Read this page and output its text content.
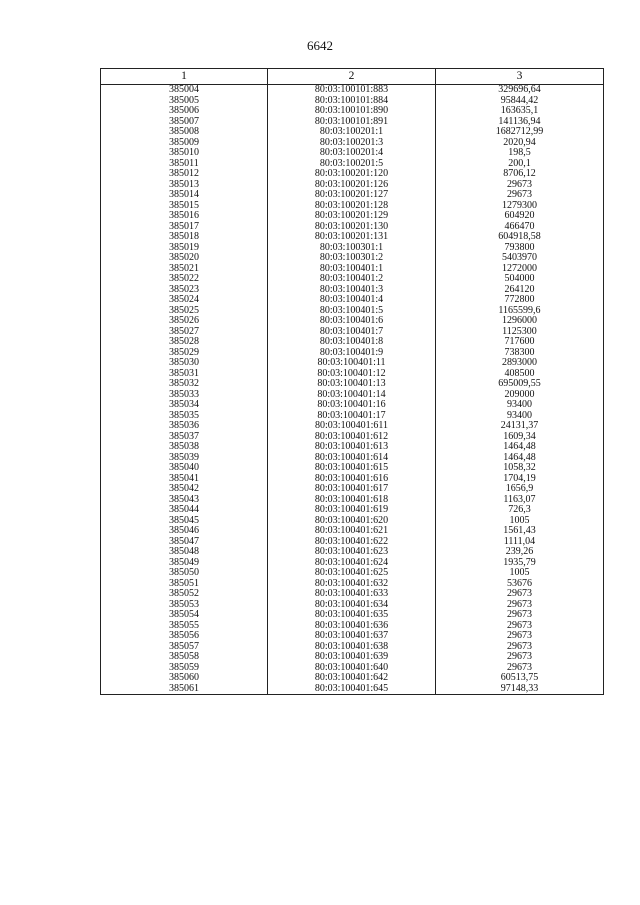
6642
1	2	3
385004	80:03:100101:883	329696,64
385005	80:03:100101:884	95844,42
385006	80:03:100101:890	163635,1
385007	80:03:100101:891	141136,94
385008	80:03:100201:1	1682712,99
385009	80:03:100201:3	2020,94
385010	80:03:100201:4	198,5
385011	80:03:100201:5	200,1
385012	80:03:100201:120	8706,12
385013	80:03:100201:126	29673
385014	80:03:100201:127	29673
385015	80:03:100201:128	1279300
385016	80:03:100201:129	604920
385017	80:03:100201:130	466470
385018	80:03:100201:131	604918,58
385019	80:03:100301:1	793800
385020	80:03:100301:2	5403970
385021	80:03:100401:1	1272000
385022	80:03:100401:2	504000
385023	80:03:100401:3	264120
385024	80:03:100401:4	772800
385025	80:03:100401:5	1165599,6
385026	80:03:100401:6	1296000
385027	80:03:100401:7	1125300
385028	80:03:100401:8	717600
385029	80:03:100401:9	738300
385030	80:03:100401:11	2893000
385031	80:03:100401:12	408500
385032	80:03:100401:13	695009,55
385033	80:03:100401:14	209000
385034	80:03:100401:16	93400
385035	80:03:100401:17	93400
385036	80:03:100401:611	24131,37
385037	80:03:100401:612	1609,34
385038	80:03:100401:613	1464,48
385039	80:03:100401:614	1464,48
385040	80:03:100401:615	1058,32
385041	80:03:100401:616	1704,19
385042	80:03:100401:617	1656,9
385043	80:03:100401:618	1163,07
385044	80:03:100401:619	726,3
385045	80:03:100401:620	1005
385046	80:03:100401:621	1561,43
385047	80:03:100401:622	1111,04
385048	80:03:100401:623	239,26
385049	80:03:100401:624	1935,79
385050	80:03:100401:625	1005
385051	80:03:100401:632	53676
385052	80:03:100401:633	29673
385053	80:03:100401:634	29673
385054	80:03:100401:635	29673
385055	80:03:100401:636	29673
385056	80:03:100401:637	29673
385057	80:03:100401:638	29673
385058	80:03:100401:639	29673
385059	80:03:100401:640	29673
385060	80:03:100401:642	60513,75
385061	80:03:100401:645	97148,33
